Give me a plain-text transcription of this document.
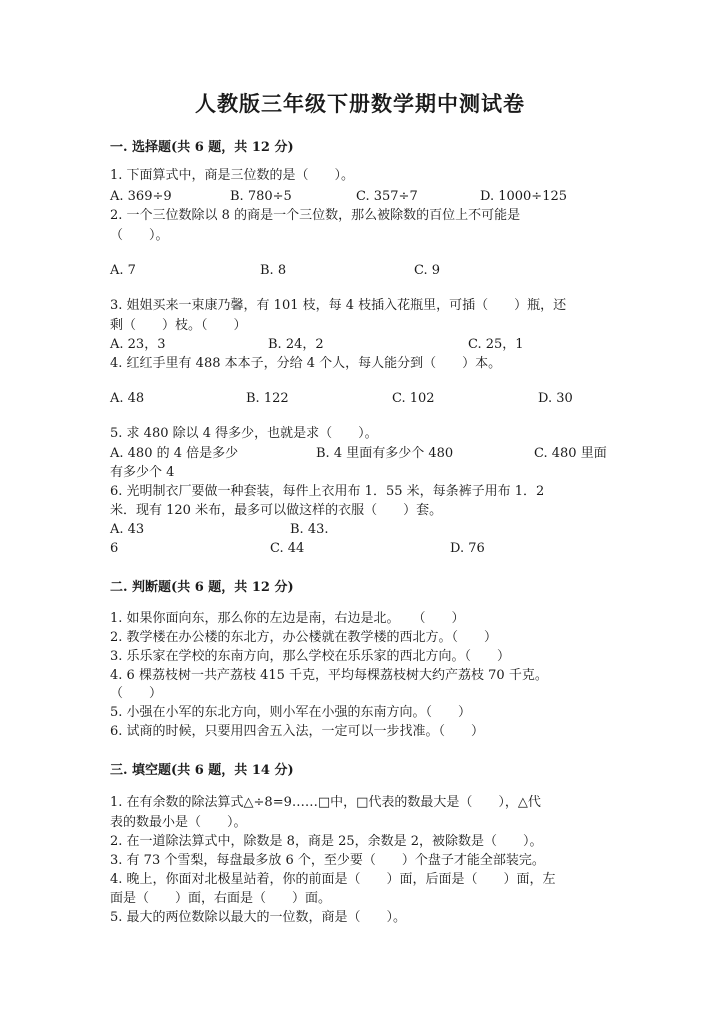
人教版三年级下册数学期中测试卷
一. 选择题(共 6 题，共 12 分)
1. 下面算式中，商是三位数的是（　　）。
A. 369÷9	B. 780÷5	C. 357÷7	D. 1000÷125
2. 一个三位数除以 8 的商是一个三位数，那么被除数的百位上不可能是
（　　）。
A. 7	B. 8	C. 9
3. 姐姐买来一束康乃馨，有 101 枝，每 4 枝插入花瓶里，可插（　　）瓶，还
剩（　　）枝。（　　）
A. 23，3	B. 24，2	C. 25，1
4. 红红手里有 488 本本子，分给 4 个人，每人能分到（　　）本。
A. 48	B. 122	C. 102	D. 30
5. 求 480 除以 4 得多少，也就是求（　　）。
A. 480 的 4 倍是多少	B. 4 里面有多少个 480	C. 480 里面
有多少个 4
6. 光明制衣厂要做一种套装，每件上衣用布 1．55 米，每条裤子用布 1．2
米．现有 120 米布，最多可以做这样的衣服（　　）套。
A. 43	B. 43.
6	C. 44	D. 76
二. 判断题(共 6 题，共 12 分)
1. 如果你面向东，那么你的左边是南，右边是北。　　（　　）
2. 教学楼在办公楼的东北方，办公楼就在教学楼的西北方。（　　）
3. 乐乐家在学校的东南方向，那么学校在乐乐家的西北方向。（　　）
4. 6 棵荔枝树一共产荔枝 415 千克，平均每棵荔枝树大约产荔枝 70 千克。
（　　）
5. 小强在小军的东北方向，则小军在小强的东南方向。（　　）
6. 试商的时候，只要用四舍五入法，一定可以一步找准。（　　）
三. 填空题(共 6 题，共 14 分)
1. 在有余数的除法算式△÷8=9……□中，□代表的数最大是（　　），△代
表的数最小是（　　）。
2. 在一道除法算式中，除数是 8，商是 25，余数是 2，被除数是（　　）。
3. 有 73 个雪梨，每盘最多放 6 个，至少要（　　）个盘子才能全部装完。
4. 晚上，你面对北极星站着，你的前面是（　　）面，后面是（　　）面，左
面是（　　）面，右面是（　　）面。
5. 最大的两位数除以最大的一位数，商是（　　）。
